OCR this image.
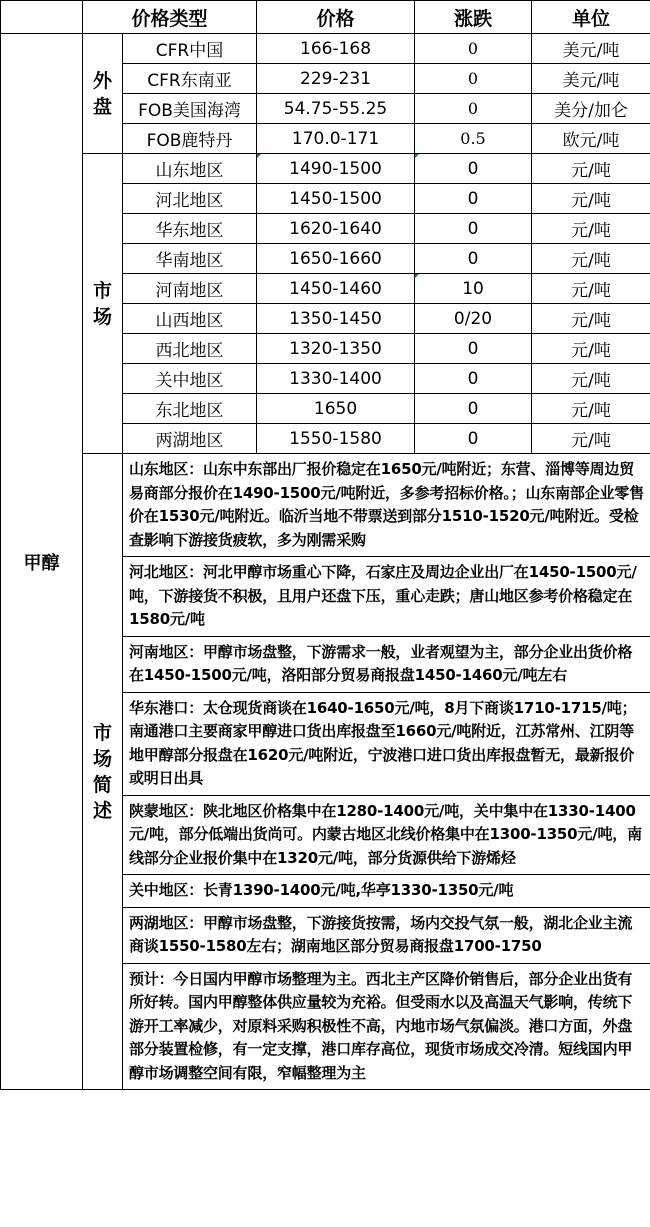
	价格类型		价格	涨跌	单位
甲醇	外盘	CFR中国	166-168	0	美元/吨
		CFR东南亚	229-231	0	美元/吨
		FOB美国海湾	54.75-55.25	0	美分/加仑
		FOB鹿特丹	170.0-171	0.5	欧元/吨
	市场	山东地区	1490-1500	0	元/吨
		河北地区	1450-1500	0	元/吨
		华东地区	1620-1640	0	元/吨
		华南地区	1650-1660	0	元/吨
		河南地区	1450-1460	10	元/吨
		山西地区	1350-1450	0/20	元/吨
		西北地区	1320-1350	0	元/吨
		关中地区	1330-1400	0	元/吨
		东北地区	1650	0	元/吨
		两湖地区	1550-1580	0	元/吨
	市场简述	山东地区：山东中东部出厂报价稳定在1650元/吨附近；东营、淄博等周边贸易商部分报价在1490-1500元/吨附近，多参考招标价格。；山东南部企业零售价在1530元/吨附近。临沂当地不带票送到部分1510-1520元/吨附近。受检查影响下游接货疲软，多为刚需采购			
		河北地区：河北甲醇市场重心下降，石家庄及周边企业出厂在1450-1500元/吨，下游接货不积极，且用户还盘下压，重心走跌；唐山地区参考价格稳定在1580元/吨			
		河南地区：甲醇市场盘整，下游需求一般，业者观望为主，部分企业出货价格在1450-1500元/吨，洛阳部分贸易商报盘1450-1460元/吨左右			
		华东港口：太仓现货商谈在1640-1650元/吨，8月下商谈1710-1715/吨；南通港口主要商家甲醇进口货出库报盘至1660元/吨附近，江苏常州、江阴等地甲醇部分报盘在1620元/吨附近，宁波港口进口货出库报盘暂无，最新报价或明日出具			
		陕蒙地区：陕北地区价格集中在1280-1400元/吨，关中集中在1330-1400元/吨，部分低端出货尚可。内蒙古地区北线价格集中在1300-1350元/吨，南线部分企业报价集中在1320元/吨，部分货源供给下游烯烃			
		关中地区：长青1390-1400元/吨,华亭1330-1350元/吨			
		两湖地区：甲醇市场盘整，下游接货按需，场内交投气氛一般，湖北企业主流商谈1550-1580左右；湖南地区部分贸易商报盘1700-1750			
		预计：今日国内甲醇市场整理为主。西北主产区降价销售后，部分企业出货有所好转。国内甲醇整体供应量较为充裕。但受雨水以及高温天气影响，传统下游开工率减少，对原料采购积极性不高，内地市场气氛偏淡。港口方面，外盘部分装置检修，有一定支撑，港口库存高位，现货市场成交冷清。短线国内甲醇市场调整空间有限，窄幅整理为主			
